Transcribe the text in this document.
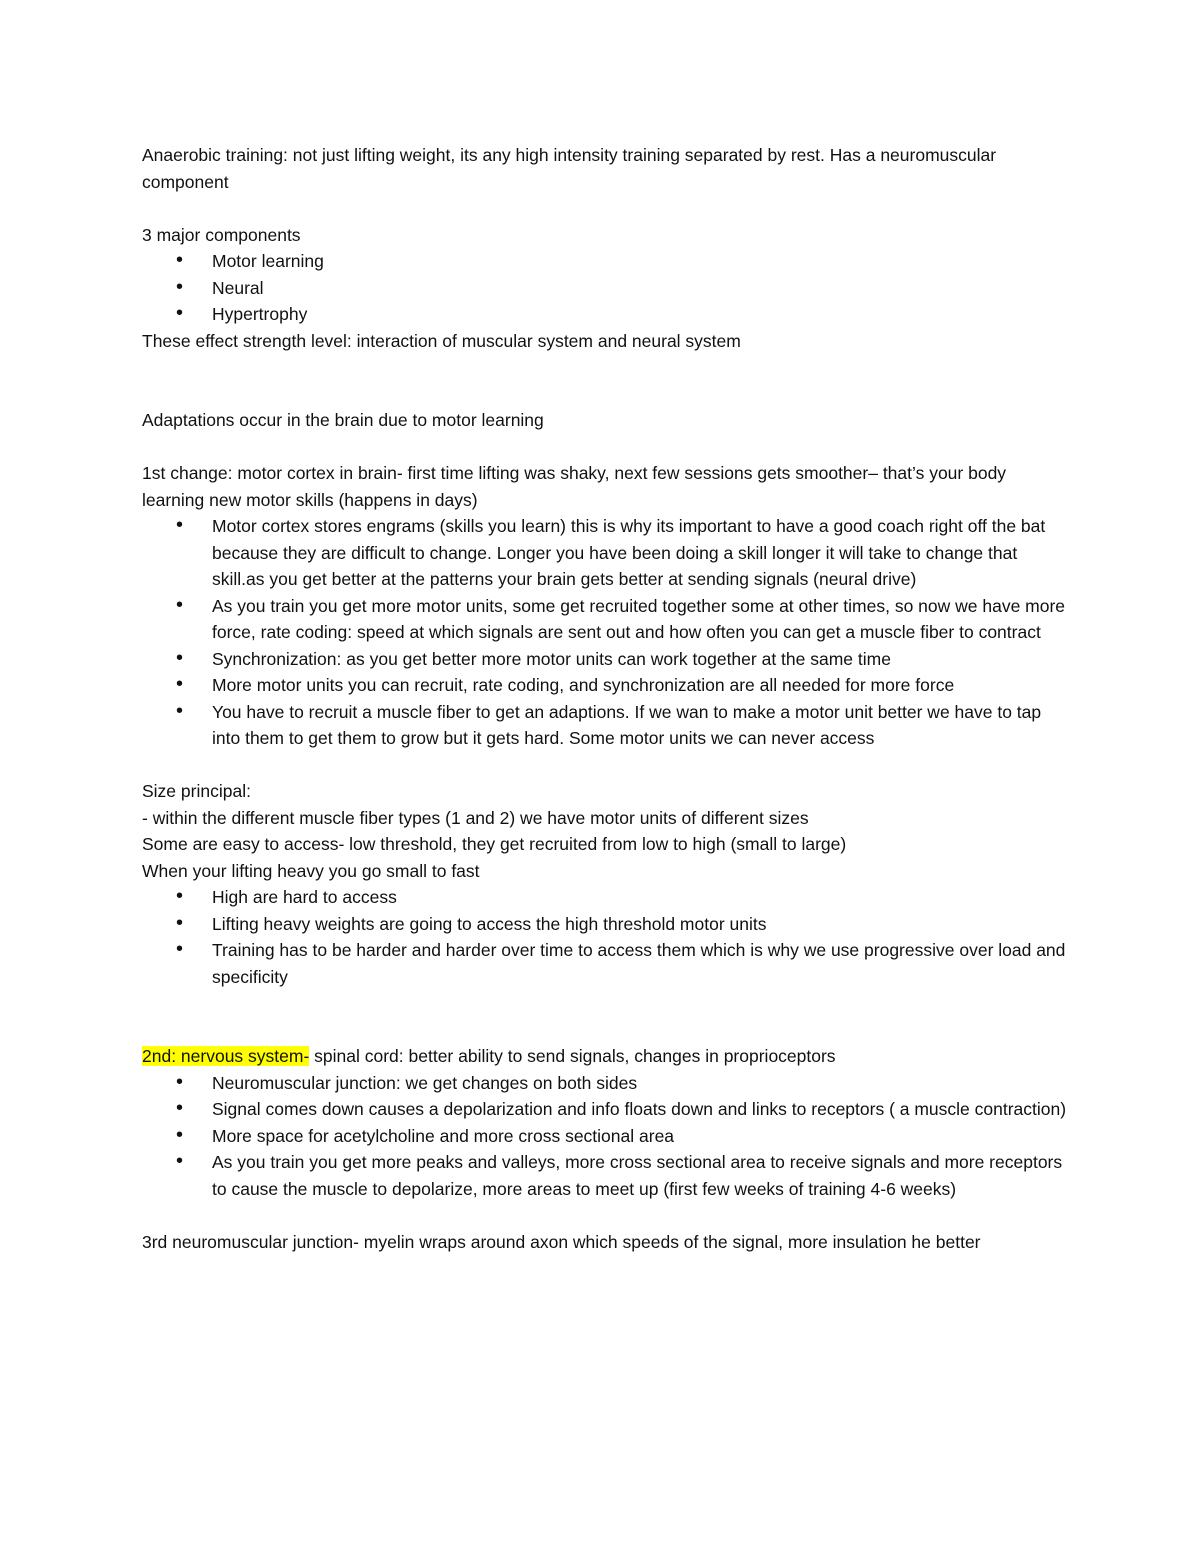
Anaerobic training: not just lifting weight, its any high intensity training separated by rest. Has a neuromuscular component

3 major components

• Motor learning
• Neural
• Hypertrophy

These effect strength level: interaction of muscular system and neural system

Adaptations occur in the brain due to motor learning

1st change: motor cortex in brain- first time lifting was shaky, next few sessions gets smoother– that’s your body learning new motor skills (happens in days)

• Motor cortex stores engrams (skills you learn) this is why its important to have a good coach right off the bat because they are difficult to change. Longer you have been doing a skill longer it will take to change that skill.as you get better at the patterns your brain gets better at sending signals (neural drive)
• As you train you get more motor units, some get recruited together some at other times, so now we have more force, rate coding: speed at which signals are sent out and how often you can get a muscle fiber to contract
• Synchronization: as you get better more motor units can work together at the same time
• More motor units you can recruit, rate coding, and synchronization are all needed for more force
• You have to recruit a muscle fiber to get an adaptions. If we wan to make a motor unit better we have to tap into them to get them to grow but it gets hard. Some motor units we can never access

Size principal:

- within the different muscle fiber types (1 and 2) we have motor units of different sizes

Some are easy to access- low threshold, they get recruited from low to high (small to large)

When your lifting heavy you go small to fast

• High are hard to access
• Lifting heavy weights are going to access the high threshold motor units
• Training has to be harder and harder over time to access them which is why we use progressive over load and specificity

2nd: nervous system- spinal cord: better ability to send signals, changes in proprioceptors

• Neuromuscular junction: we get changes on both sides
• Signal comes down causes a depolarization and info floats down and links to receptors ( a muscle contraction)
• More space for acetylcholine and more cross sectional area
• As you train you get more peaks and valleys, more cross sectional area to receive signals and more receptors to cause the muscle to depolarize, more areas to meet up (first few weeks of training 4-6 weeks)

3rd neuromuscular junction- myelin wraps around axon which speeds of the signal, more insulation he better
